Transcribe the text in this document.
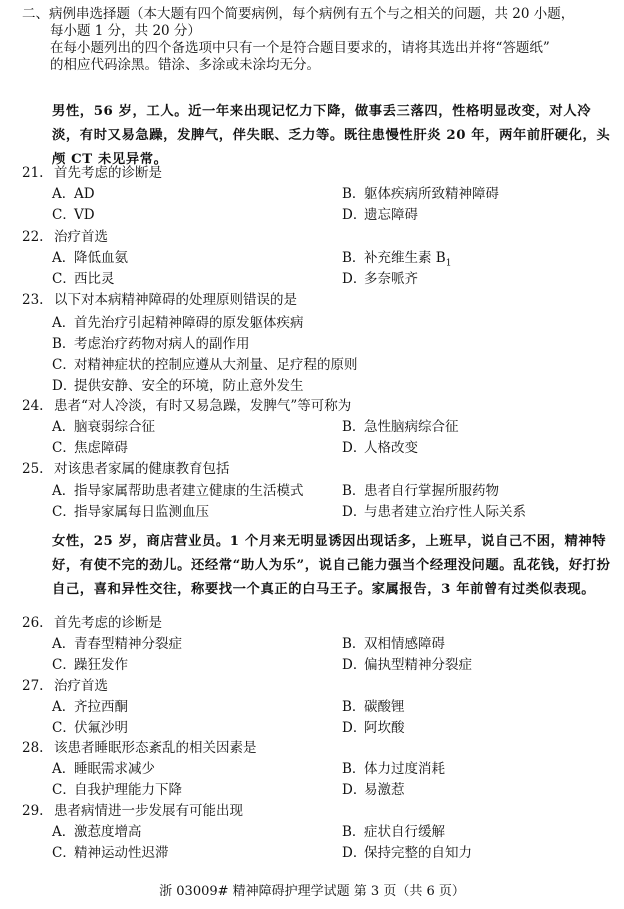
二、病例串选择题（本大题有四个简要病例，每个病例有五个与之相关的问题，共 20 小题，
每小题 1 分，共 20 分）
在每小题列出的四个备选项中只有一个是符合题目要求的，请将其选出并将“答题纸”
的相应代码涂黑。错涂、多涂或未涂均无分。
男性，56 岁，工人。近一年来出现记忆力下降，做事丢三落四，性格明显改变，对人冷淡，有时又易急躁，发脾气，伴失眠、乏力等。既往患慢性肝炎 20 年，两年前肝硬化，头颅 CT 未见异常。
21. 首先考虑的诊断是
A．AD	B．躯体疾病所致精神障碍
C．VD	D．遗忘障碍
22. 治疗首选
A．降低血氨	B．补充维生素 $B_1$
C．西比灵	D．多奈哌齐
23. 以下对本病精神障碍的处理原则错误的是
A．首先治疗引起精神障碍的原发躯体疾病
B．考虑治疗药物对病人的副作用
C．对精神症状的控制应遵从大剂量、足疗程的原则
D．提供安静、安全的环境，防止意外发生
24. 患者“对人冷淡，有时又易急躁，发脾气”等可称为
A．脑衰弱综合征	B．急性脑病综合征
C．焦虑障碍	D．人格改变
25. 对该患者家属的健康教育包括
A．指导家属帮助患者建立健康的生活模式	B．患者自行掌握所服药物
C．指导家属每日监测血压	D．与患者建立治疗性人际关系
女性，25 岁，商店营业员。1 个月来无明显诱因出现话多，上班早，说自己不困，精神特好，有使不完的劲儿。还经常“助人为乐”，说自己能力强当个经理没问题。乱花钱，好打扮自己，喜和异性交往，称要找一个真正的白马王子。家属报告，3 年前曾有过类似表现。
26. 首先考虑的诊断是
A．青春型精神分裂症	B．双相情感障碍
C．躁狂发作	D．偏执型精神分裂症
27. 治疗首选
A．齐拉西酮	B．碳酸锂
C．伏氟沙明	D．阿坎酸
28. 该患者睡眠形态紊乱的相关因素是
A．睡眠需求减少	B．体力过度消耗
C．自我护理能力下降	D．易激惹
29. 患者病情进一步发展有可能出现
A．激惹度增高	B．症状自行缓解
C．精神运动性迟滞	D．保持完整的自知力
浙 03009# 精神障碍护理学试题 第 3 页（共 6 页）
